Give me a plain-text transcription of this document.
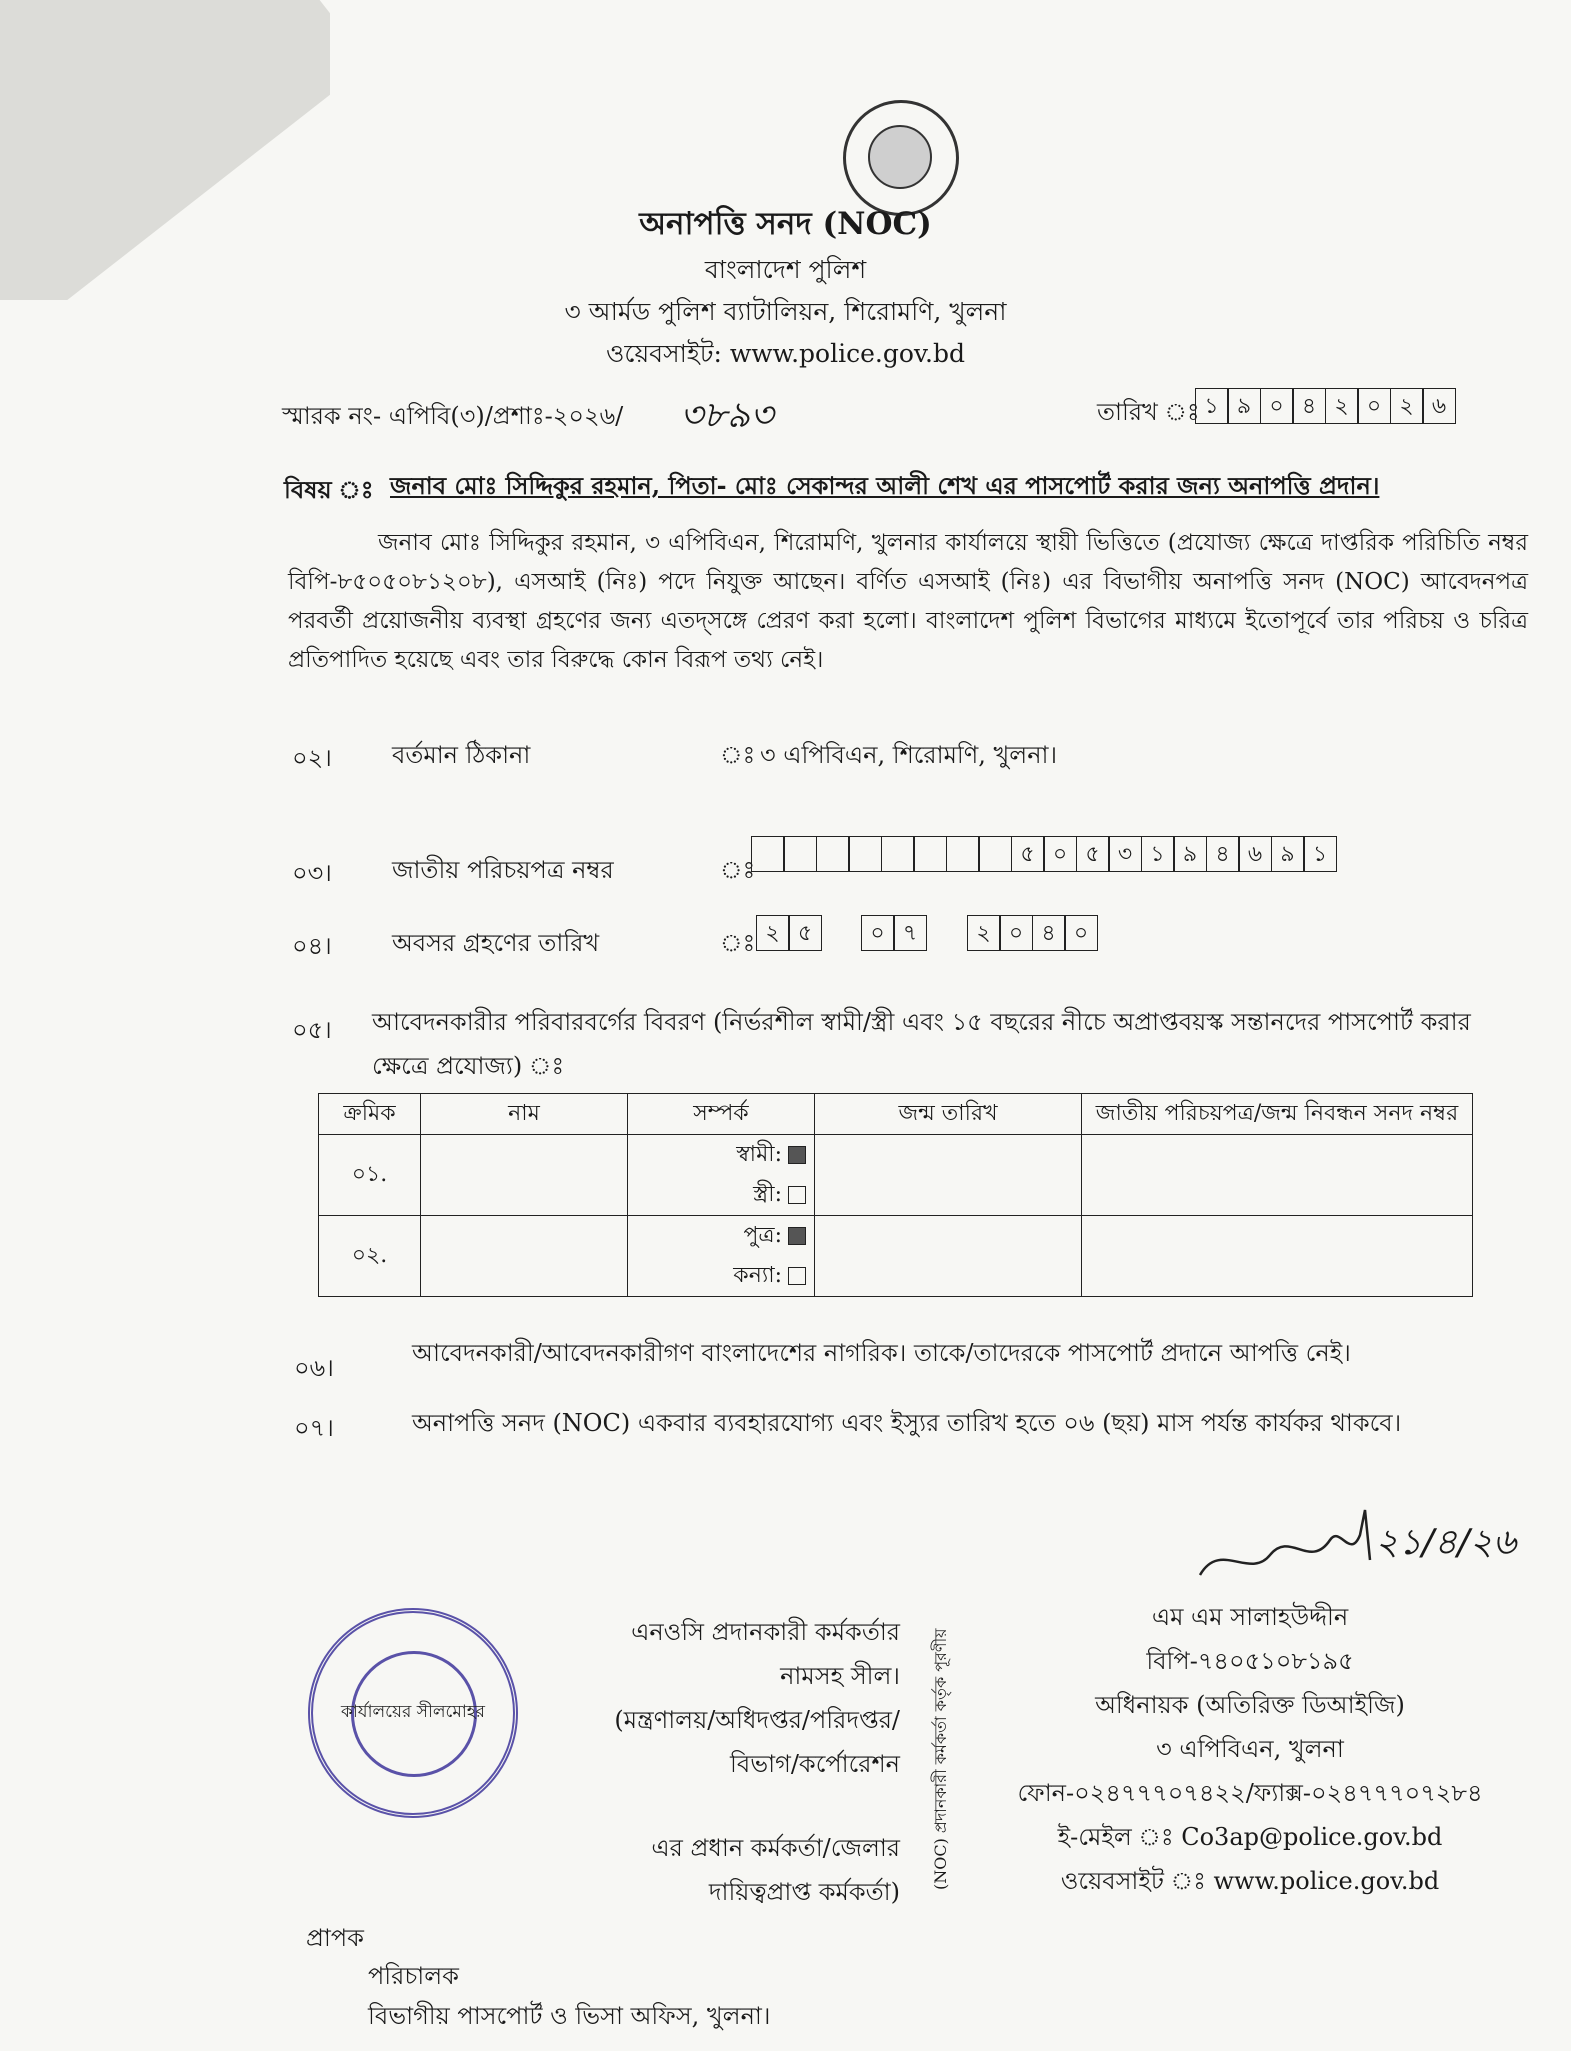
অনাপত্তি সনদ (NOC)
বাংলাদেশ পুলিশ
৩ আর্মড পুলিশ ব্যাটালিয়ন, শিরোমণি, খুলনা
ওয়েবসাইট: www.police.gov.bd
স্মারক নং- এপিবি(৩)/প্রশাঃ-২০২৬/ ৩৮৯৩	তারিখ ঃ ১ ৯ ০ ৪ ২ ০ ২ ৬
বিষয় ঃ জনাব মোঃ সিদ্দিকুর রহমান, পিতা- মোঃ সেকান্দর আলী শেখ এর পাসপোর্ট করার জন্য অনাপত্তি প্রদান।
জনাব মোঃ সিদ্দিকুর রহমান, ৩ এপিবিএন, শিরোমণি, খুলনার কার্যালয়ে স্থায়ী ভিত্তিতে (প্রযোজ্য ক্ষেত্রে দাপ্তরিক পরিচিতি নম্বর বিপি-৮৫০৫০৮১২০৮), এসআই (নিঃ) পদে নিযুক্ত আছেন। বর্ণিত এসআই (নিঃ) এর বিভাগীয় অনাপত্তি সনদ (NOC) আবেদনপত্র পরবর্তী প্রয়োজনীয় ব্যবস্থা গ্রহণের জন্য এতদ্সঙ্গে প্রেরণ করা হলো। বাংলাদেশ পুলিশ বিভাগের মাধ্যমে ইতোপূর্বে তার পরিচয় ও চরিত্র প্রতিপাদিত হয়েছে এবং তার বিরুদ্ধে কোন বিরূপ তথ্য নেই।
০২।	বর্তমান ঠিকানা	ঃ ৩ এপিবিএন, শিরোমণি, খুলনা।
০৩।	জাতীয় পরিচয়পত্র নম্বর	ঃ
৫ ০ ৫ ৩ ১ ৯ ৪ ৬ ৯ ১
০৪।	অবসর গ্রহণের তারিখ	ঃ ২ ৫	০ ৭	২ ০ ৪ ০
০৫। আবেদনকারীর পরিবারবর্গের বিবরণ (নির্ভরশীল স্বামী/স্ত্রী এবং ১৫ বছরের নীচে অপ্রাপ্তবয়স্ক সন্তানদের পাসপোর্ট করার ক্ষেত্রে প্রযোজ্য) ঃ
ক্রমিক	নাম	সম্পর্ক	জন্ম তারিখ	জাতীয় পরিচয়পত্র/জন্ম নিবন্ধন সনদ নম্বর
০১.		স্বামী:		
		স্ত্রী:		
০২.		পুত্র:		
		কন্যা:		
০৬।
আবেদনকারী/আবেদনকারীগণ বাংলাদেশের নাগরিক। তাকে/তাদেরকে পাসপোর্ট প্রদানে আপত্তি নেই।
০৭।	অনাপত্তি সনদ (NOC) একবার ব্যবহারযোগ্য এবং ইস্যুর তারিখ হতে ০৬ (ছয়) মাস পর্যন্ত কার্যকর থাকবে।
২১/৪/২৬
এনওসি প্রদানকারী কর্মকর্তার
নামসহ সীল।
(মন্ত্রণালয়/অধিদপ্তর/পরিদপ্তর/
বিভাগ/কর্পোরেশন
এর প্রধান কর্মকর্তা/জেলার
দায়িত্বপ্রাপ্ত কর্মকর্তা)
(NOC) প্রদানকারী কর্মকর্তা কর্তৃক পূরণীয়
কার্যালয়ের সীলমোহর
এম এম সালাহউদ্দীন
বিপি-৭৪০৫১০৮১৯৫
অধিনায়ক (অতিরিক্ত ডিআইজি)
৩ এপিবিএন, খুলনা
ফোন-০২৪৭৭৭০৭৪২২/ফ্যাক্স-০২৪৭৭৭০৭২৮৪
ই-মেইল ঃ Co3ap@police.gov.bd
ওয়েবসাইট ঃ www.police.gov.bd
প্রাপক
পরিচালক
বিভাগীয় পাসপোর্ট ও ভিসা অফিস, খুলনা।
